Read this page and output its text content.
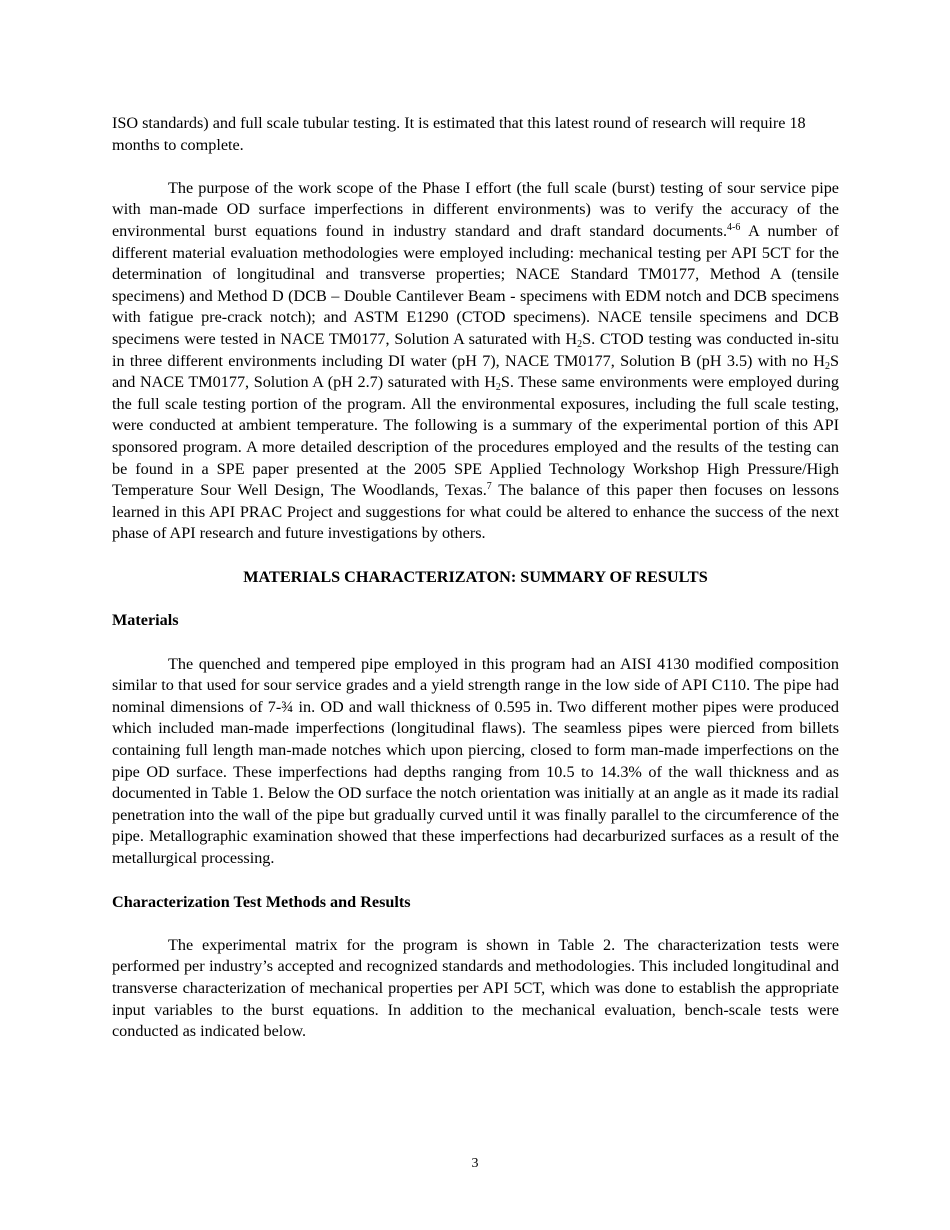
ISO standards) and full scale tubular testing. It is estimated that this latest round of research will require 18 months to complete.

The purpose of the work scope of the Phase I effort (the full scale (burst) testing of sour service pipe with man-made OD surface imperfections in different environments) was to verify the accuracy of the environmental burst equations found in industry standard and draft standard documents.$^{4-6}$ A number of different material evaluation methodologies were employed including: mechanical testing per API 5CT for the determination of longitudinal and transverse properties; NACE Standard TM0177, Method A (tensile specimens) and Method D (DCB – Double Cantilever Beam - specimens with EDM notch and DCB specimens with fatigue pre-crack notch); and ASTM E1290 (CTOD specimens). NACE tensile specimens and DCB specimens were tested in NACE TM0177, Solution A saturated with $H_2S$. CTOD testing was conducted in-situ in three different environments including DI water (pH 7), NACE TM0177, Solution B (pH 3.5) with no $H_2S$ and NACE TM0177, Solution A (pH 2.7) saturated with $H_2S$. These same environments were employed during the full scale testing portion of the program. All the environmental exposures, including the full scale testing, were conducted at ambient temperature. The following is a summary of the experimental portion of this API sponsored program. A more detailed description of the procedures employed and the results of the testing can be found in a SPE paper presented at the 2005 SPE Applied Technology Workshop High Pressure/High Temperature Sour Well Design, The Woodlands, Texas.$^7$ The balance of this paper then focuses on lessons learned in this API PRAC Project and suggestions for what could be altered to enhance the success of the next phase of API research and future investigations by others.

MATERIALS CHARACTERIZATON: SUMMARY OF RESULTS
Materials

The quenched and tempered pipe employed in this program had an AISI 4130 modified composition similar to that used for sour service grades and a yield strength range in the low side of API C110. The pipe had nominal dimensions of 7-¾ in. OD and wall thickness of 0.595 in. Two different mother pipes were produced which included man-made imperfections (longitudinal flaws). The seamless pipes were pierced from billets containing full length man-made notches which upon piercing, closed to form man-made imperfections on the pipe OD surface. These imperfections had depths ranging from 10.5 to 14.3% of the wall thickness and as documented in Table 1. Below the OD surface the notch orientation was initially at an angle as it made its radial penetration into the wall of the pipe but gradually curved until it was finally parallel to the circumference of the pipe. Metallographic examination showed that these imperfections had decarburized surfaces as a result of the metallurgical processing.

Characterization Test Methods and Results

The experimental matrix for the program is shown in Table 2. The characterization tests were performed per industry’s accepted and recognized standards and methodologies. This included longitudinal and transverse characterization of mechanical properties per API 5CT, which was done to establish the appropriate input variables to the burst equations. In addition to the mechanical evaluation, bench-scale tests were conducted as indicated below.

3
